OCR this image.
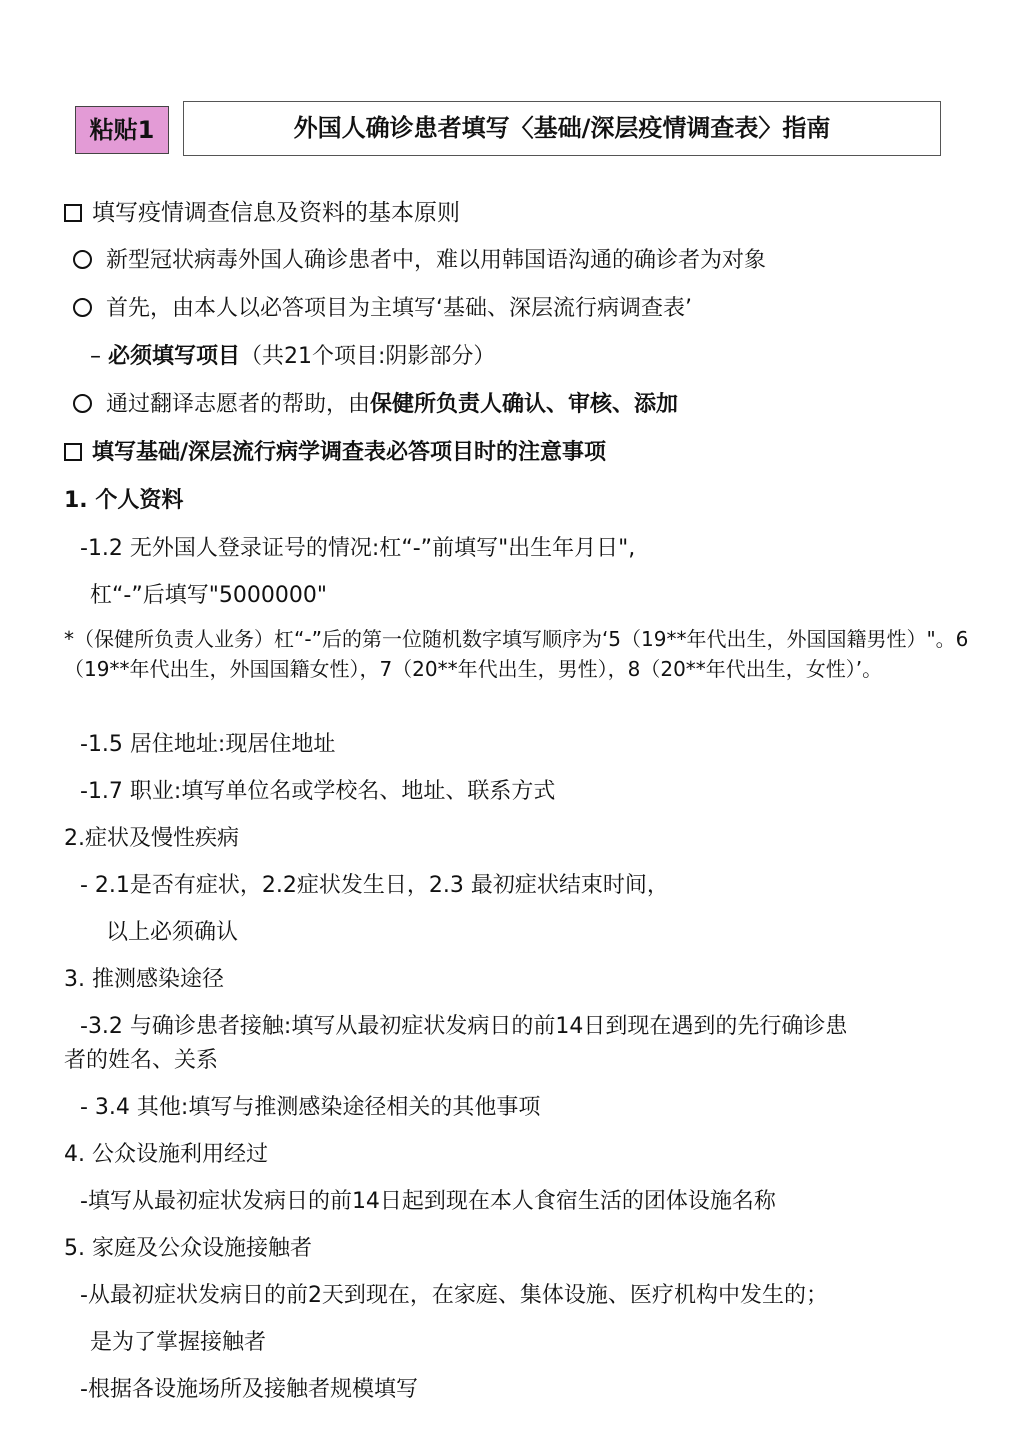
粘贴1	外国人确诊患者填写〈基础/深层疫情调查表〉指南
填写疫情调查信息及资料的基本原则
新型冠状病毒外国人确诊患者中，难以用韩国语沟通的确诊者为对象
首先，由本人以必答项目为主填写‘基础、深层流行病调查表’
– 必须填写项目（共21个项目:阴影部分）
通过翻译志愿者的帮助，由保健所负责人确认、审核、添加
填写基础/深层流行病学调查表必答项目时的注意事项
1. 个人资料
-1.2 无外国人登录证号的情况:杠“-”前填写"出生年月日",
杠“-”后填写"5000000"
*（保健所负责人业务）杠“-”后的第一位随机数字填写顺序为‘5（19**年代出生，外国国籍男性）"。6（19**年代出生，外国国籍女性），7（20**年代出生，男性），8（20**年代出生，女性）’。
-1.5 居住地址:现居住地址
-1.7 职业:填写单位名或学校名、地址、联系方式
2.症状及慢性疾病
- 2.1是否有症状，2.2症状发生日，2.3 最初症状结束时间，
以上必须确认
3. 推测感染途径
-3.2 与确诊患者接触:填写从最初症状发病日的前14日到现在遇到的先行确诊患
者的姓名、关系
- 3.4 其他:填写与推测感染途径相关的其他事项
4. 公众设施利用经过
-填写从最初症状发病日的前14日起到现在本人食宿生活的团体设施名称
5. 家庭及公众设施接触者
-从最初症状发病日的前2天到现在，在家庭、集体设施、医疗机构中发生的；
是为了掌握接触者
-根据各设施场所及接触者规模填写
